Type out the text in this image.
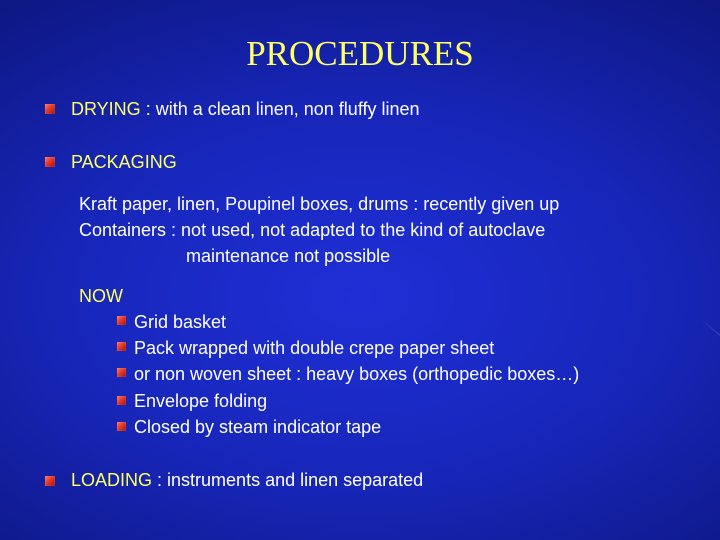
PROCEDURES
DRYING : with a clean linen, non fluffy linen
PACKAGING
Kraft paper, linen, Poupinel boxes, drums : recently given up
Containers : not used, not adapted to the kind of autoclave
maintenance not possible
NOW
Grid basket
Pack wrapped with double crepe paper sheet
or non woven sheet : heavy boxes (orthopedic boxes…)
Envelope folding
Closed by steam indicator tape
LOADING : instruments and linen separated
